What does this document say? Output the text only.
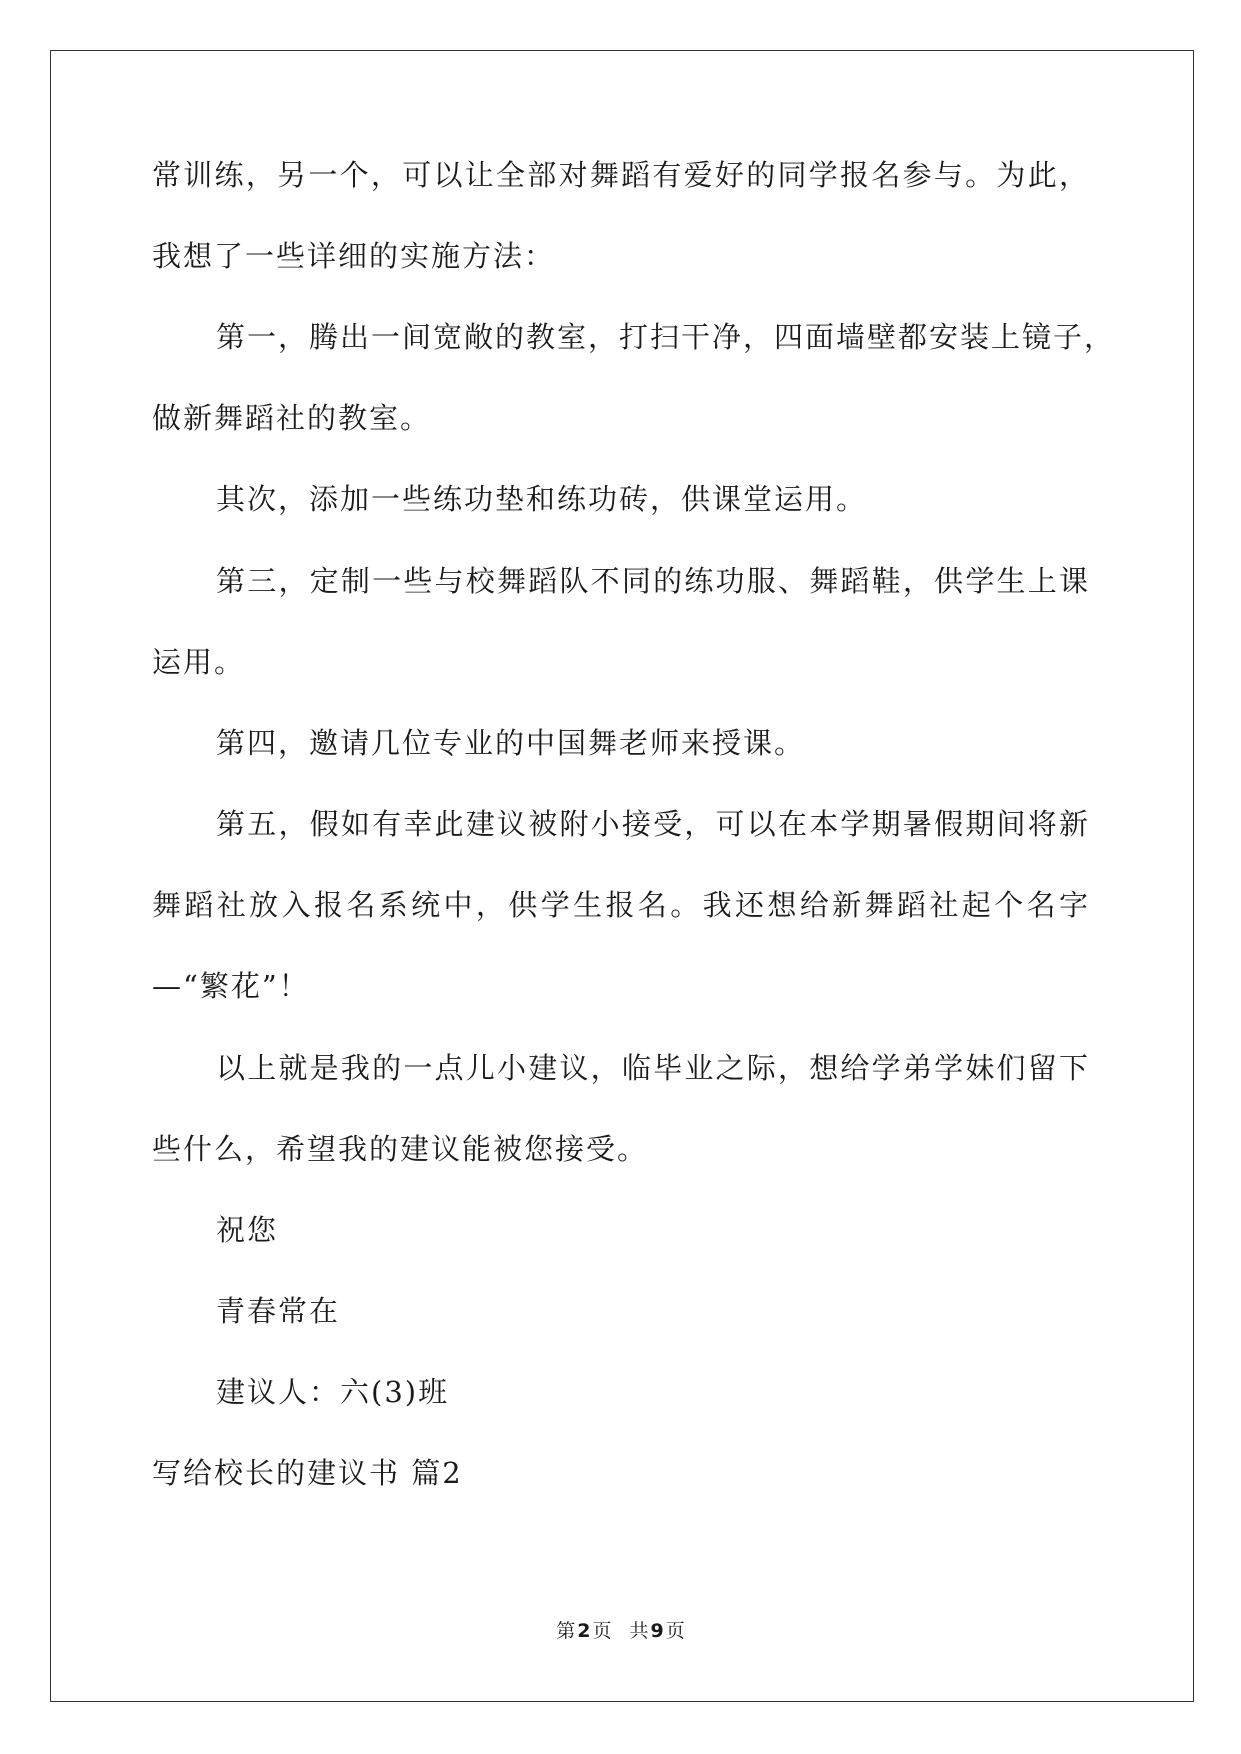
常训练，另一个，可以让全部对舞蹈有爱好的同学报名参与。为此，
我想了一些详细的实施方法：
第一，腾出一间宽敞的教室，打扫干净，四面墙壁都安装上镜子，
做新舞蹈社的教室。
其次，添加一些练功垫和练功砖，供课堂运用。
第三，定制一些与校舞蹈队不同的练功服、舞蹈鞋，供学生上课
运用。
第四，邀请几位专业的中国舞老师来授课。
第五，假如有幸此建议被附小接受，可以在本学期暑假期间将新
舞蹈社放入报名系统中，供学生报名。我还想给新舞蹈社起个名字
—“繁花”！
以上就是我的一点儿小建议，临毕业之际，想给学弟学妹们留下
些什么，希望我的建议能被您接受。
祝您
青春常在
建议人：六(3)班
写给校长的建议书 篇2
第 2 页 共 9 页
